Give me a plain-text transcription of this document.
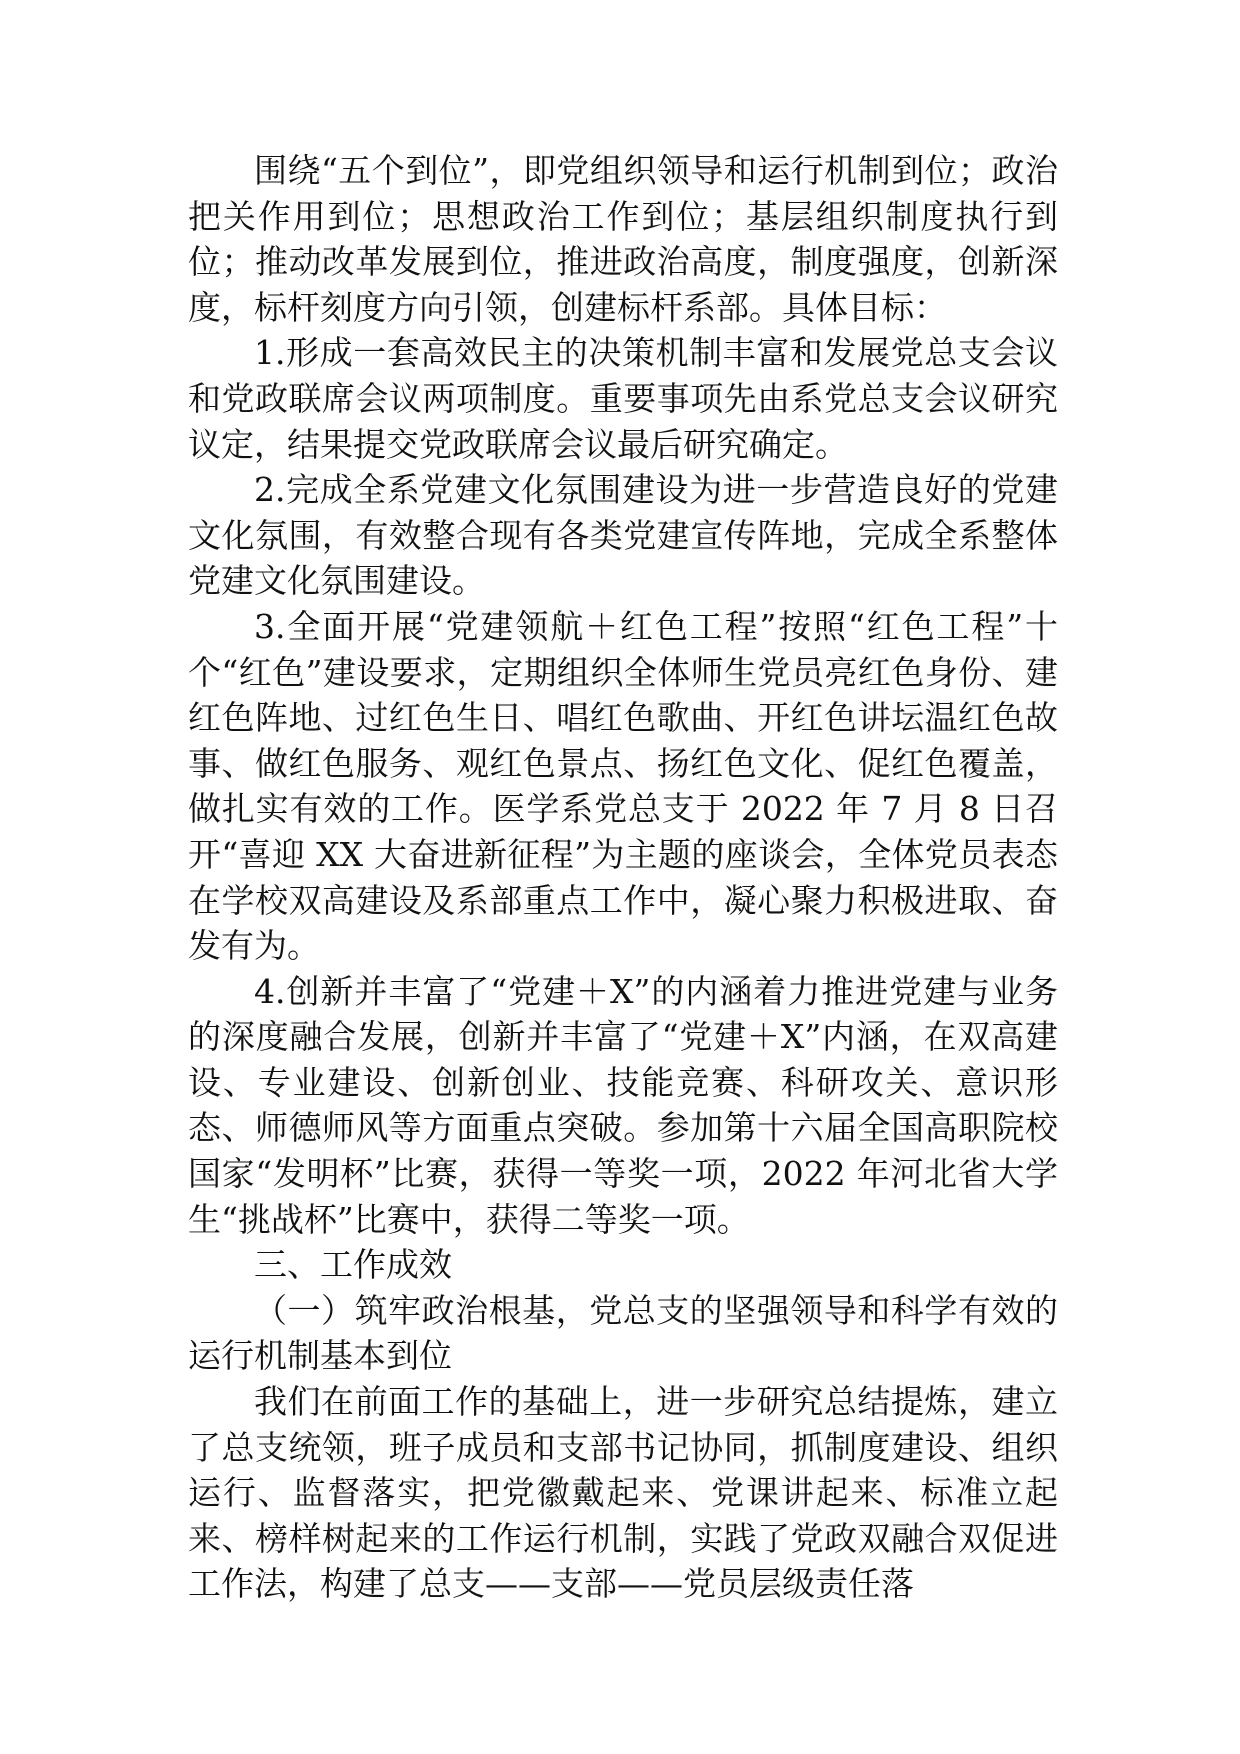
围绕“五个到位”，即党组织领导和运行机制到位；政治把关作用到位；思想政治工作到位；基层组织制度执行到位；推动改革发展到位，推进政治高度，制度强度，创新深度，标杆刻度方向引领，创建标杆系部。具体目标：

1.形成一套高效民主的决策机制丰富和发展党总支会议和党政联席会议两项制度。重要事项先由系党总支会议研究议定，结果提交党政联席会议最后研究确定。

2.完成全系党建文化氛围建设为进一步营造良好的党建文化氛围，有效整合现有各类党建宣传阵地，完成全系整体党建文化氛围建设。

3.全面开展“党建领航＋红色工程”按照“红色工程”十个“红色”建设要求，定期组织全体师生党员亮红色身份、建红色阵地、过红色生日、唱红色歌曲、开红色讲坛温红色故事、做红色服务、观红色景点、扬红色文化、促红色覆盖，做扎实有效的工作。医学系党总支于 2022 年 7 月 8 日召开“喜迎 XX 大奋进新征程”为主题的座谈会，全体党员表态在学校双高建设及系部重点工作中，凝心聚力积极进取、奋发有为。

4.创新并丰富了“党建＋X”的内涵着力推进党建与业务的深度融合发展，创新并丰富了“党建＋X”内涵，在双高建设、专业建设、创新创业、技能竞赛、科研攻关、意识形态、师德师风等方面重点突破。参加第十六届全国高职院校国家“发明杯”比赛，获得一等奖一项，2022 年河北省大学生“挑战杯”比赛中，获得二等奖一项。

三、工作成效

（一）筑牢政治根基，党总支的坚强领导和科学有效的运行机制基本到位

我们在前面工作的基础上，进一步研究总结提炼，建立了总支统领，班子成员和支部书记协同，抓制度建设、组织运行、监督落实，把党徽戴起来、党课讲起来、标准立起来、榜样树起来的工作运行机制，实践了党政双融合双促进工作法，构建了总支——支部——党员层级责任落
